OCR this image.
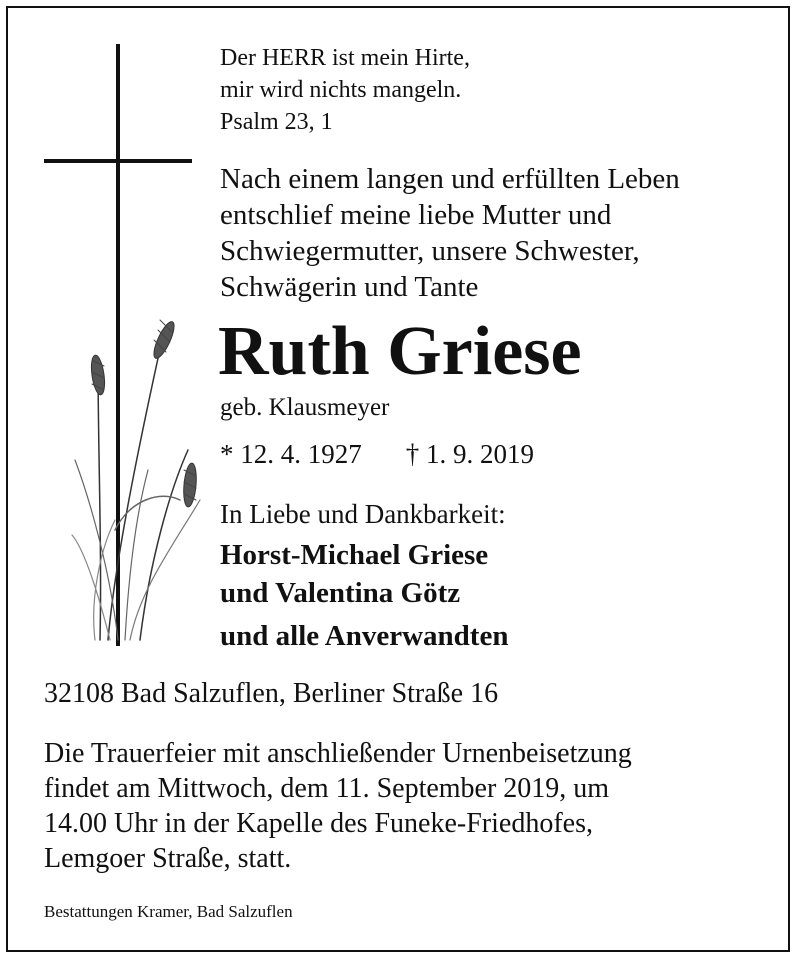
Der HERR ist mein Hirte,
mir wird nichts mangeln.
Psalm 23, 1

Nach einem langen und erfüllten Leben
entschlief meine liebe Mutter und
Schwiegermutter, unsere Schwester,
Schwägerin und Tante

Ruth Griese

geb. Klausmeyer

* 12. 4. 1927 † 1. 9. 2019

In Liebe und Dankbarkeit:

Horst-Michael Griese
und Valentina Götz

und alle Anverwandten

32108 Bad Salzuflen, Berliner Straße 16

Die Trauerfeier mit anschließender Urnenbeisetzung
findet am Mittwoch, dem 11. September 2019, um
14.00 Uhr in der Kapelle des Funeke-Friedhofes,
Lemgoer Straße, statt.

Bestattungen Kramer, Bad Salzuflen
